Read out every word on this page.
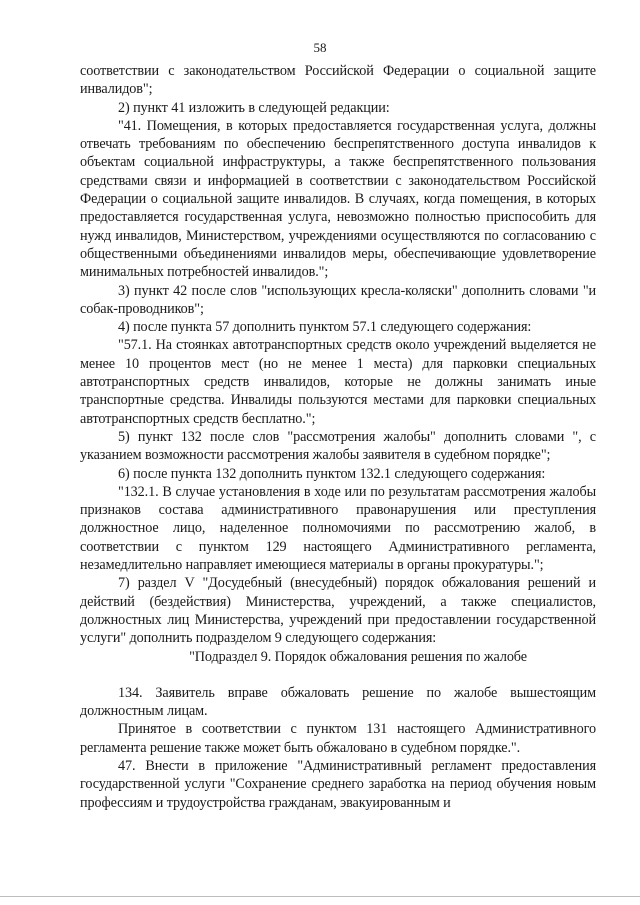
58

соответствии с законодательством Российской Федерации о социальной защите инвалидов";

2) пункт 41 изложить в следующей редакции:

"41. Помещения, в которых предоставляется государственная услуга, должны отвечать требованиям по обеспечению беспрепятственного доступа инвалидов к объектам социальной инфраструктуры, а также беспрепятственного пользования средствами связи и информацией в соответствии с законодательством Российской Федерации о социальной защите инвалидов. В случаях, когда помещения, в которых предоставляется государственная услуга, невозможно полностью приспособить для нужд инвалидов, Министерством, учреждениями осуществляются по согласованию с общественными объединениями инвалидов меры, обеспечивающие удовлетворение минимальных потребностей инвалидов.";

3) пункт 42 после слов "использующих кресла-коляски" дополнить словами "и собак-проводников";

4) после пункта 57 дополнить пунктом 57.1 следующего содержания:

"57.1. На стоянках автотранспортных средств около учреждений выделяется не менее 10 процентов мест (но не менее 1 места) для парковки специальных автотранспортных средств инвалидов, которые не должны занимать иные транспортные средства. Инвалиды пользуются местами для парковки специальных автотранспортных средств бесплатно.";

5) пункт 132 после слов "рассмотрения жалобы" дополнить словами ", с указанием возможности рассмотрения жалобы заявителя в судебном порядке";

6) после пункта 132 дополнить пунктом 132.1 следующего содержания:

"132.1. В случае установления в ходе или по результатам рассмотрения жалобы признаков состава административного правонарушения или преступления должностное лицо, наделенное полномочиями по рассмотрению жалоб, в соответствии с пунктом 129 настоящего Административного регламента, незамедлительно направляет имеющиеся материалы в органы прокуратуры.";

7) раздел V "Досудебный (внесудебный) порядок обжалования решений и действий (бездействия) Министерства, учреждений, а также специалистов, должностных лиц Министерства, учреждений при предоставлении государственной услуги" дополнить подразделом 9 следующего содержания:

"Подраздел 9. Порядок обжалования решения по жалобе

134. Заявитель вправе обжаловать решение по жалобе вышестоящим должностным лицам.

Принятое в соответствии с пунктом 131 настоящего Административного регламента решение также может быть обжаловано в судебном порядке.".

47. Внести в приложение "Административный регламент предоставления государственной услуги "Сохранение среднего заработка на период обучения новым профессиям и трудоустройства гражданам, эвакуированным и
